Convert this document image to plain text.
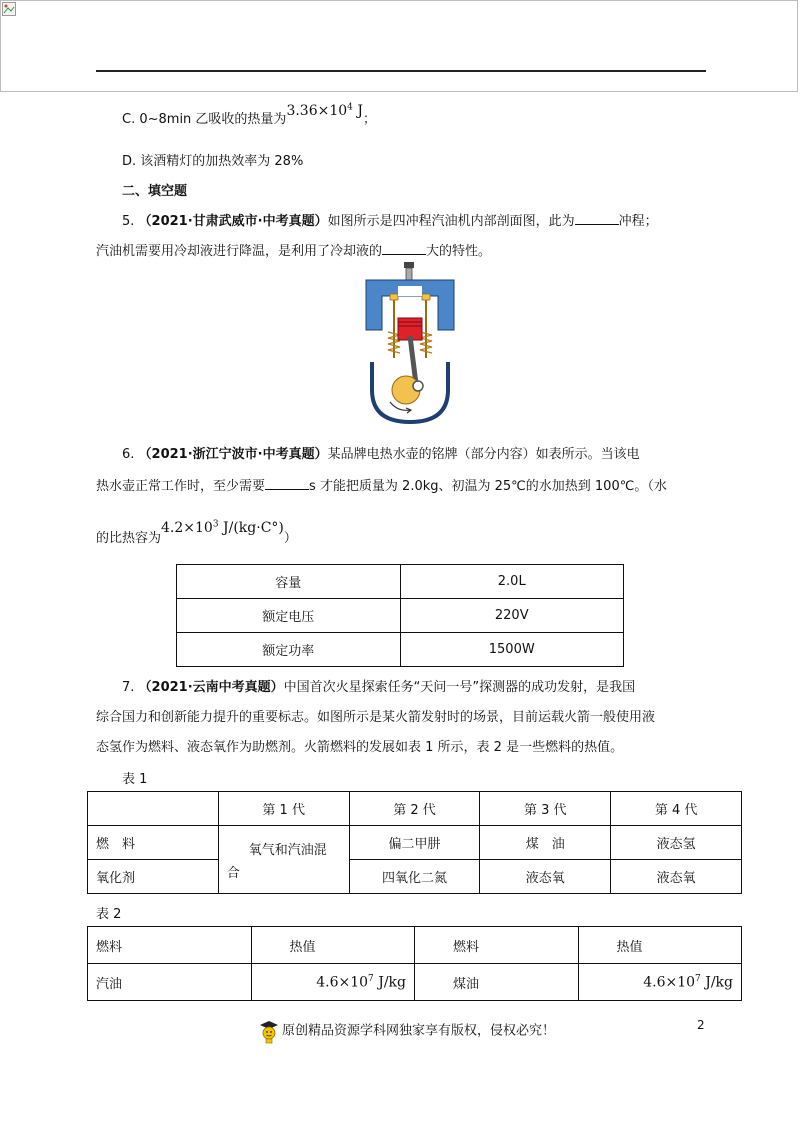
C. 0~8min 乙吸收的热量为$3.36\times 10^4$ J；
D. 该酒精灯的加热效率为 28%
二、填空题
5. （2021·甘肃武威市·中考真题）如图所示是四冲程汽油机内部剖面图，此为	冲程；
汽油机需要用冷却液进行降温，是利用了冷却液的	大的特性。
6. （2021·浙江宁波市·中考真题）某品牌电热水壶的铭牌（部分内容）如表所示。当该电
热水壶正常工作时，至少需要	s 才能把质量为 2.0kg、初温为 25℃的水加热到 100℃。（水
的比热容为$4.2\times 10^3$ J/(kg·C°)）
容量	2.0L
额定电压	220V
额定功率	1500W
7. （2021·云南中考真题）中国首次火星探索任务“天问一号”探测器的成功发射，是我国
综合国力和创新能力提升的重要标志。如图所示是某火箭发射时的场景，目前运载火箭一般使用液
态氢作为燃料、液态氧作为助燃剂。火箭燃料的发展如表 1 所示，表 2 是一些燃料的热值。
表 1
	第 1 代	第 2 代	第 3 代	第 4 代
燃　料	氧气和汽油混
合	偏二甲肼	煤　油	液态氢
氧化剂		四氧化二氮	液态氧	液态氧
表 2
燃料	热值	燃料	热值
汽油	$4.6\times 10^7$ J/kg	煤油	$4.6\times 10^7$ J/kg
2
原创精品资源学科网独家享有版权，侵权必究！
